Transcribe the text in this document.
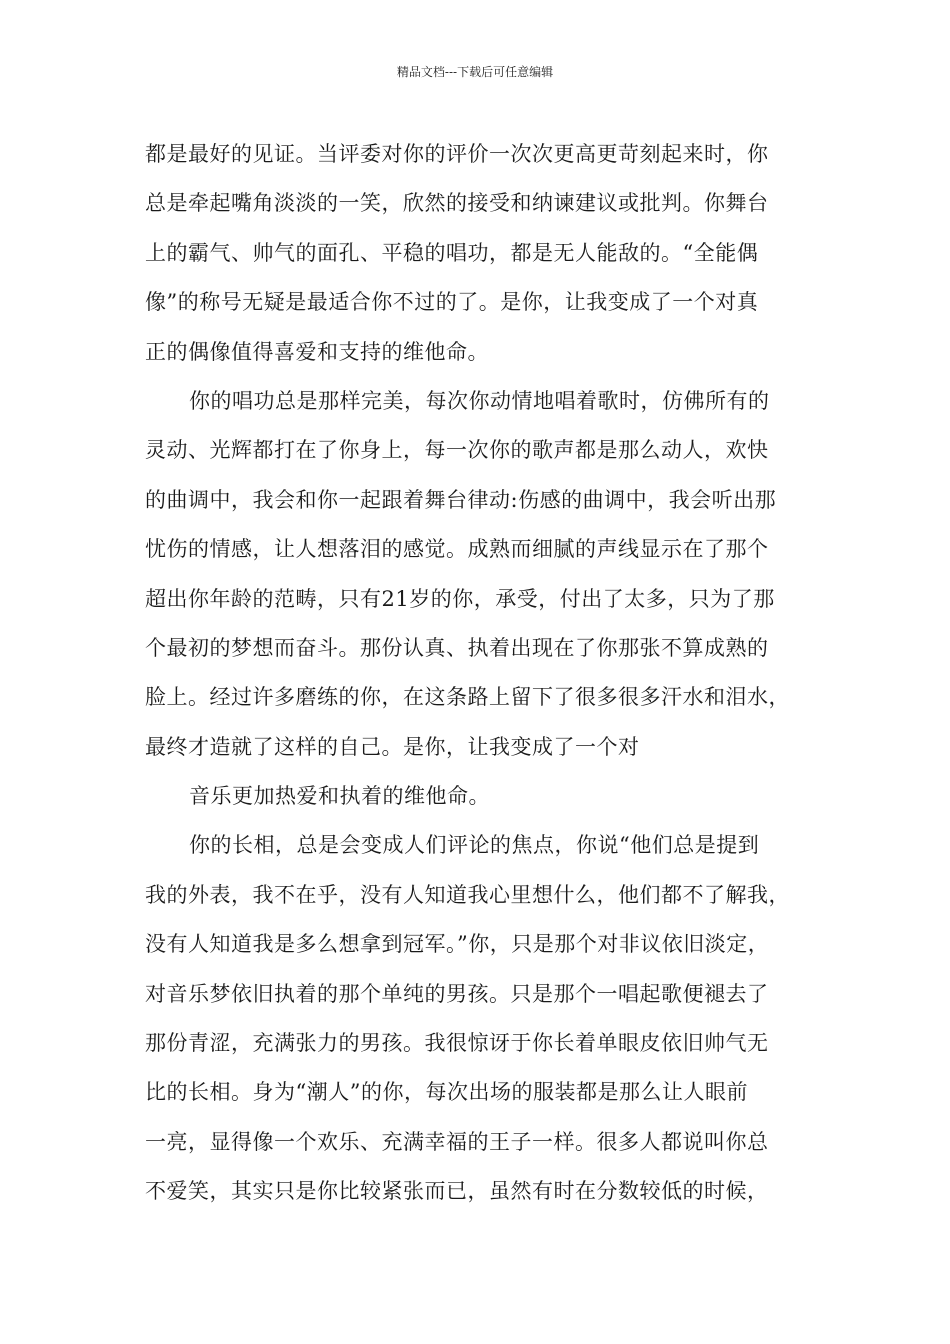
精品文档---下载后可任意编辑
都是最好的见证。当评委对你的评价一次次更高更苛刻起来时，你
总是牵起嘴角淡淡的一笑，欣然的接受和纳谏建议或批判。你舞台
上的霸气、帅气的面孔、平稳的唱功，都是无人能敌的。“全能偶
像”的称号无疑是最适合你不过的了。是你，让我变成了一个对真
正的偶像值得喜爱和支持的维他命。
你的唱功总是那样完美，每次你动情地唱着歌时，仿佛所有的
灵动、光辉都打在了你身上，每一次你的歌声都是那么动人，欢快
的曲调中，我会和你一起跟着舞台律动:伤感的曲调中，我会听出那
忧伤的情感，让人想落泪的感觉。成熟而细腻的声线显示在了那个
超出你年龄的范畴，只有21岁的你，承受，付出了太多，只为了那
个最初的梦想而奋斗。那份认真、执着出现在了你那张不算成熟的
脸上。经过许多磨练的你，在这条路上留下了很多很多汗水和泪水，
最终才造就了这样的自己。是你，让我变成了一个对
音乐更加热爱和执着的维他命。
你的长相，总是会变成人们评论的焦点，你说“他们总是提到
我的外表，我不在乎，没有人知道我心里想什么，他们都不了解我，
没有人知道我是多么想拿到冠军。”你，只是那个对非议依旧淡定，
对音乐梦依旧执着的那个单纯的男孩。只是那个一唱起歌便褪去了
那份青涩，充满张力的男孩。我很惊讶于你长着单眼皮依旧帅气无
比的长相。身为“潮人”的你，每次出场的服装都是那么让人眼前
一亮，显得像一个欢乐、充满幸福的王子一样。很多人都说叫你总
不爱笑，其实只是你比较紧张而已，虽然有时在分数较低的时候，
